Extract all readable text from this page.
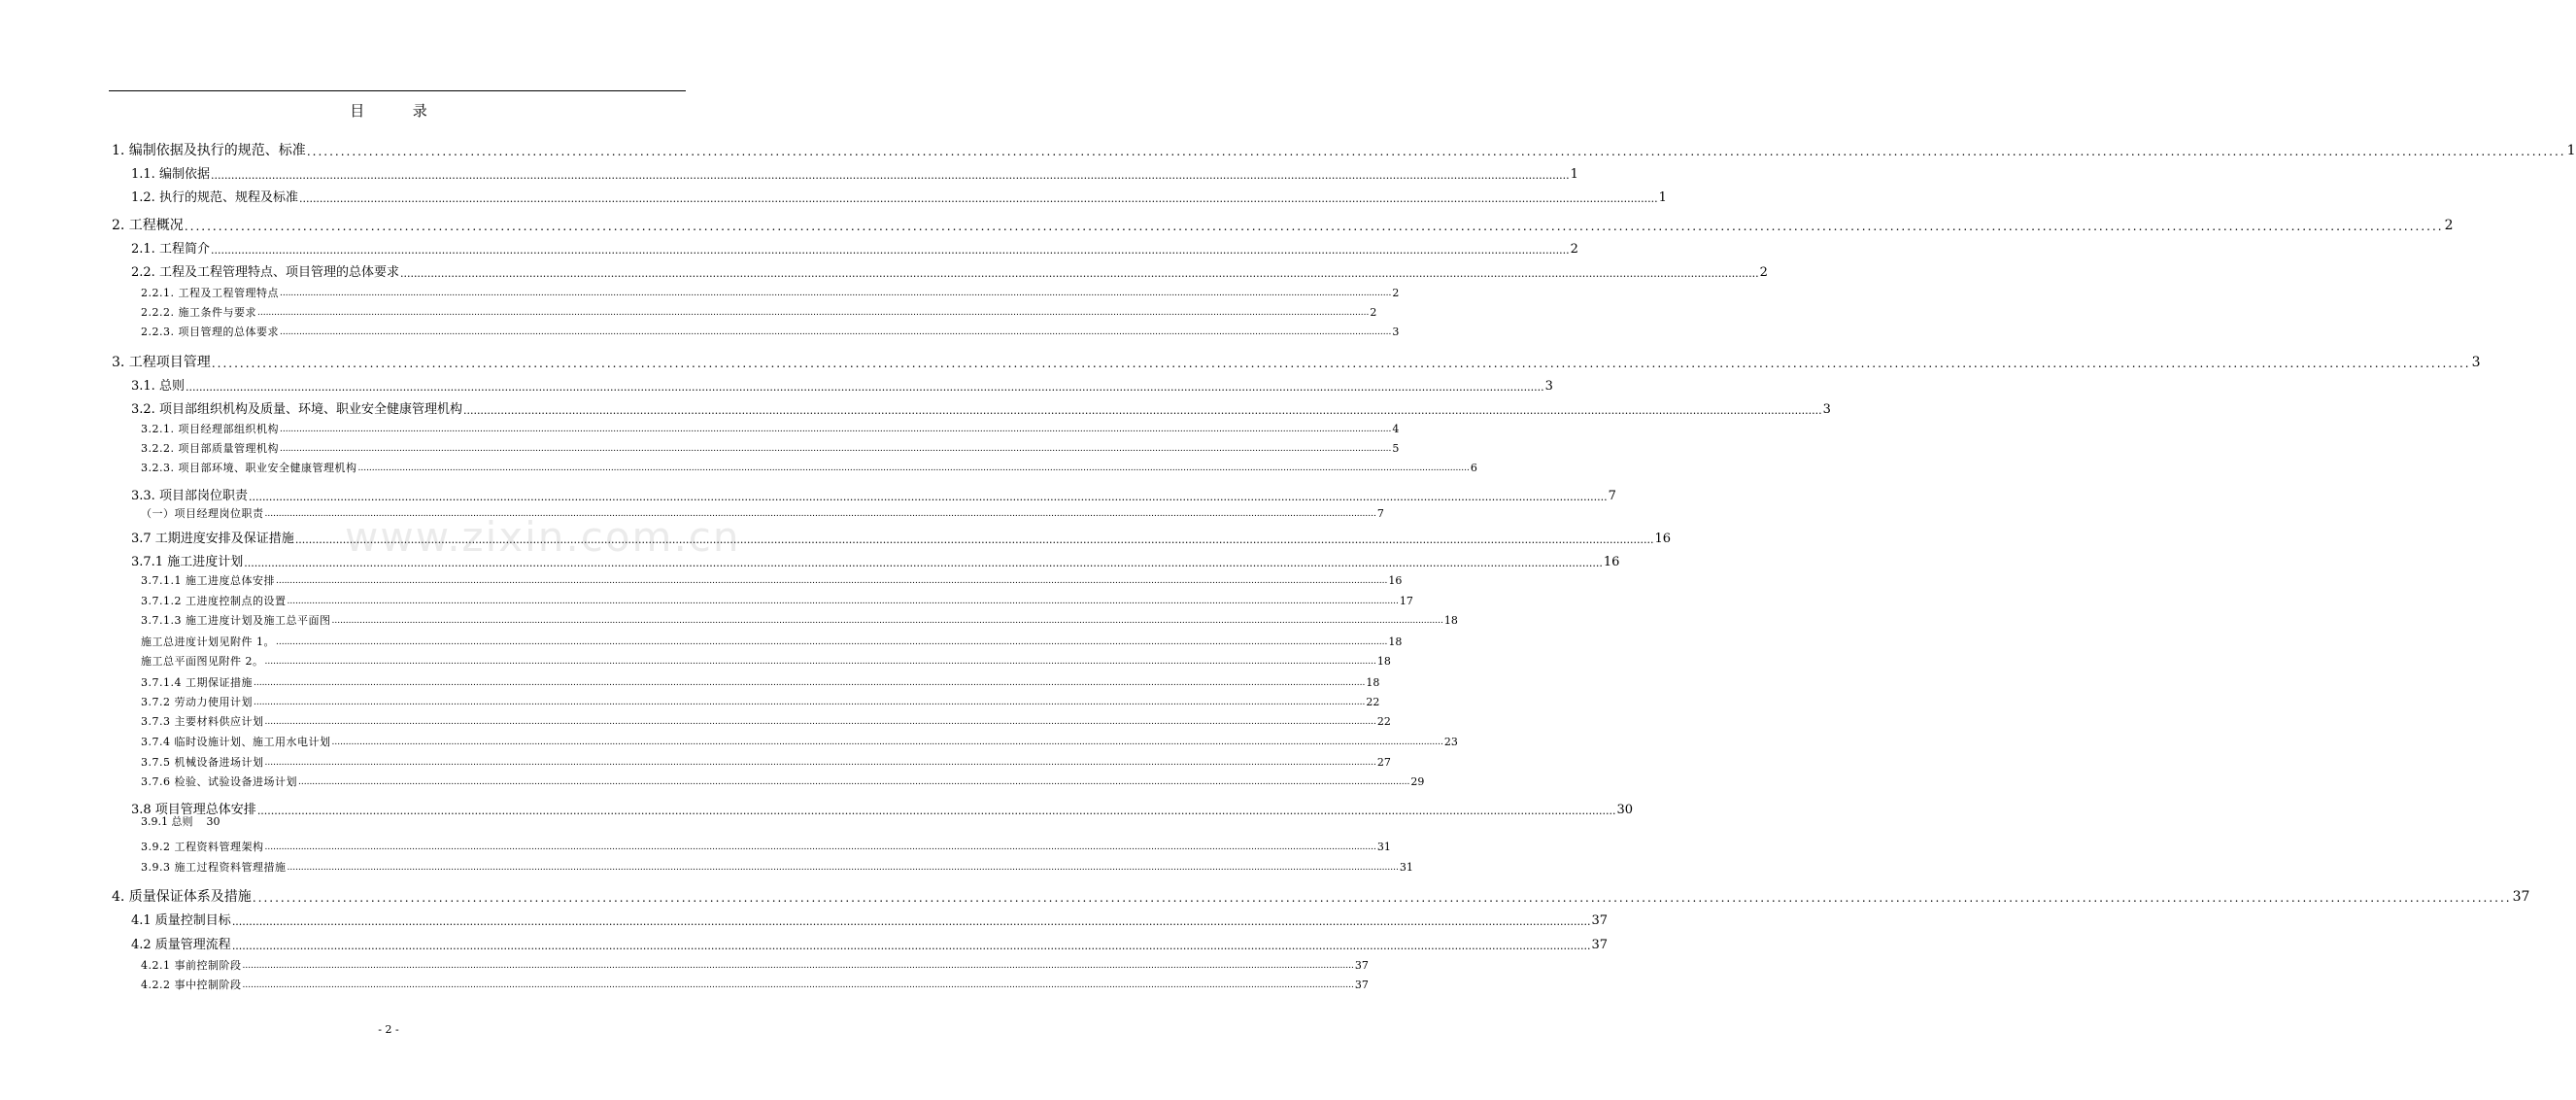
目	录
www.zixin.com.cn
1. 编制依据及执行的规范、标准 ................................................................................................................................................................................................................................................................................................................................................................................................................ 1
1.1. 编制依据 ................................................................................................................................................................................................................................................................................................................................................................................................................ 1
1.2. 执行的规范、规程及标准 ................................................................................................................................................................................................................................................................................................................................................................................................................ 1
2. 工程概况 ................................................................................................................................................................................................................................................................................................................................................................................................................ 2
2.1. 工程简介 ................................................................................................................................................................................................................................................................................................................................................................................................................ 2
2.2. 工程及工程管理特点、项目管理的总体要求 ................................................................................................................................................................................................................................................................................................................................................................................................................ 2
2.2.1. 工程及工程管理特点 ................................................................................................................................................................................................................................................................................................................................................................................................................ 2
2.2.2. 施工条件与要求 ................................................................................................................................................................................................................................................................................................................................................................................................................ 2
2.2.3. 项目管理的总体要求 ................................................................................................................................................................................................................................................................................................................................................................................................................ 3
3. 工程项目管理 ................................................................................................................................................................................................................................................................................................................................................................................................................ 3
3.1. 总则 ................................................................................................................................................................................................................................................................................................................................................................................................................ 3
3.2. 项目部组织机构及质量、环境、职业安全健康管理机构 ................................................................................................................................................................................................................................................................................................................................................................................................................ 3
3.2.1. 项目经理部组织机构 ................................................................................................................................................................................................................................................................................................................................................................................................................ 4
3.2.2. 项目部质量管理机构 ................................................................................................................................................................................................................................................................................................................................................................................................................ 5
3.2.3. 项目部环境、职业安全健康管理机构 ................................................................................................................................................................................................................................................................................................................................................................................................................ 6
3.3. 项目部岗位职责 ................................................................................................................................................................................................................................................................................................................................................................................................................ 7
（一）项目经理岗位职责 ................................................................................................................................................................................................................................................................................................................................................................................................................ 7
3.7 工期进度安排及保证措施 ................................................................................................................................................................................................................................................................................................................................................................................................................ 16
3.7.1 施工进度计划 ................................................................................................................................................................................................................................................................................................................................................................................................................ 16
3.7.1.1 施工进度总体安排 ................................................................................................................................................................................................................................................................................................................................................................................................................ 16
3.7.1.2 工进度控制点的设置 ................................................................................................................................................................................................................................................................................................................................................................................................................ 17
3.7.1.3 施工进度计划及施工总平面图 ................................................................................................................................................................................................................................................................................................................................................................................................................ 18
施工总进度计划见附件 1。 ................................................................................................................................................................................................................................................................................................................................................................................................................ 18
施工总平面图见附件 2。 ................................................................................................................................................................................................................................................................................................................................................................................................................ 18
3.7.1.4 工期保证措施 ................................................................................................................................................................................................................................................................................................................................................................................................................ 18
3.7.2 劳动力使用计划 ................................................................................................................................................................................................................................................................................................................................................................................................................ 22
3.7.3 主要材料供应计划 ................................................................................................................................................................................................................................................................................................................................................................................................................ 22
3.7.4 临时设施计划、施工用水电计划 ................................................................................................................................................................................................................................................................................................................................................................................................................ 23
3.7.5 机械设备进场计划 ................................................................................................................................................................................................................................................................................................................................................................................................................ 27
3.7.6 检验、试验设备进场计划 ................................................................................................................................................................................................................................................................................................................................................................................................................ 29
3.8 项目管理总体安排 ................................................................................................................................................................................................................................................................................................................................................................................................................ 30
3.9.2 工程资料管理架构 ................................................................................................................................................................................................................................................................................................................................................................................................................ 31
3.9.3 施工过程资料管理措施 ................................................................................................................................................................................................................................................................................................................................................................................................................ 31
4. 质量保证体系及措施 ................................................................................................................................................................................................................................................................................................................................................................................................................ 37
4.1 质量控制目标 ................................................................................................................................................................................................................................................................................................................................................................................................................ 37
4.2 质量管理流程 ................................................................................................................................................................................................................................................................................................................................................................................................................ 37
4.2.1 事前控制阶段 ................................................................................................................................................................................................................................................................................................................................................................................................................ 37
4.2.2 事中控制阶段 ................................................................................................................................................................................................................................................................................................................................................................................................................ 37
3.9.1 总则    30
- 2 -
